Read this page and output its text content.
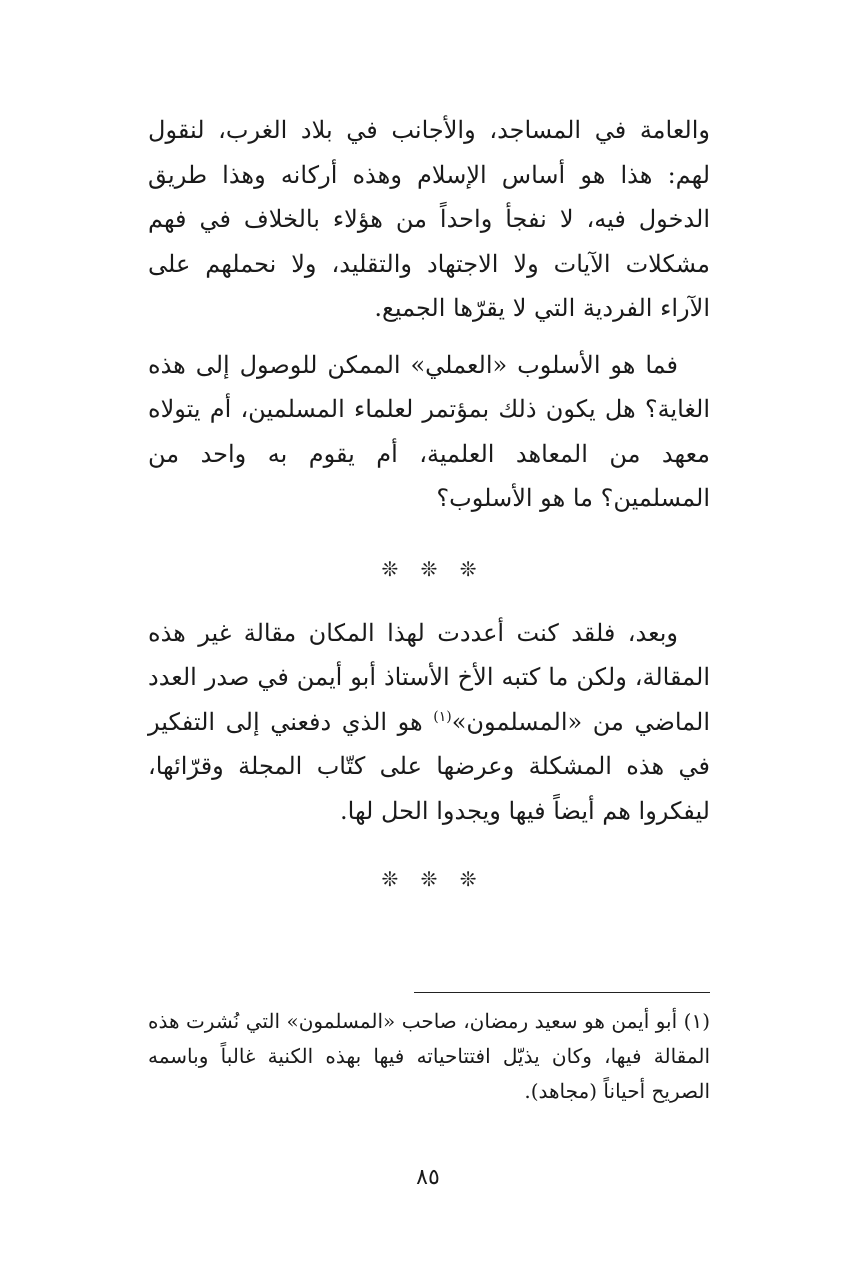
والعامة في المساجد، والأجانب في بلاد الغرب، لنقول لهم: هذا هو أساس الإسلام وهذه أركانه وهذا طريق الدخول فيه، لا نفجأ واحداً من هؤلاء بالخلاف في فهم مشكلات الآيات ولا الاجتهاد والتقليد، ولا نحملهم على الآراء الفردية التي لا يقرّها الجميع.

فما هو الأسلوب «العملي» الممكن للوصول إلى هذه الغاية؟ هل يكون ذلك بمؤتمر لعلماء المسلمين، أم يتولاه معهد من المعاهد العلمية، أم يقوم به واحد من المسلمين؟ ما هو الأسلوب؟

❊ ❊ ❊

وبعد، فلقد كنت أعددت لهذا المكان مقالة غير هذه المقالة، ولكن ما كتبه الأخ الأستاذ أبو أيمن في صدر العدد الماضي من «المسلمون»$^{(١)}$ هو الذي دفعني إلى التفكير في هذه المشكلة وعرضها على كتّاب المجلة وقرّائها، ليفكروا هم أيضاً فيها ويجدوا الحل لها.

❊ ❊ ❊
(١) أبو أيمن هو سعيد رمضان، صاحب «المسلمون» التي نُشرت هذه المقالة فيها، وكان يذيّل افتتاحياته فيها بهذه الكنية غالباً وباسمه الصريح أحياناً (مجاهد).
٨٥
